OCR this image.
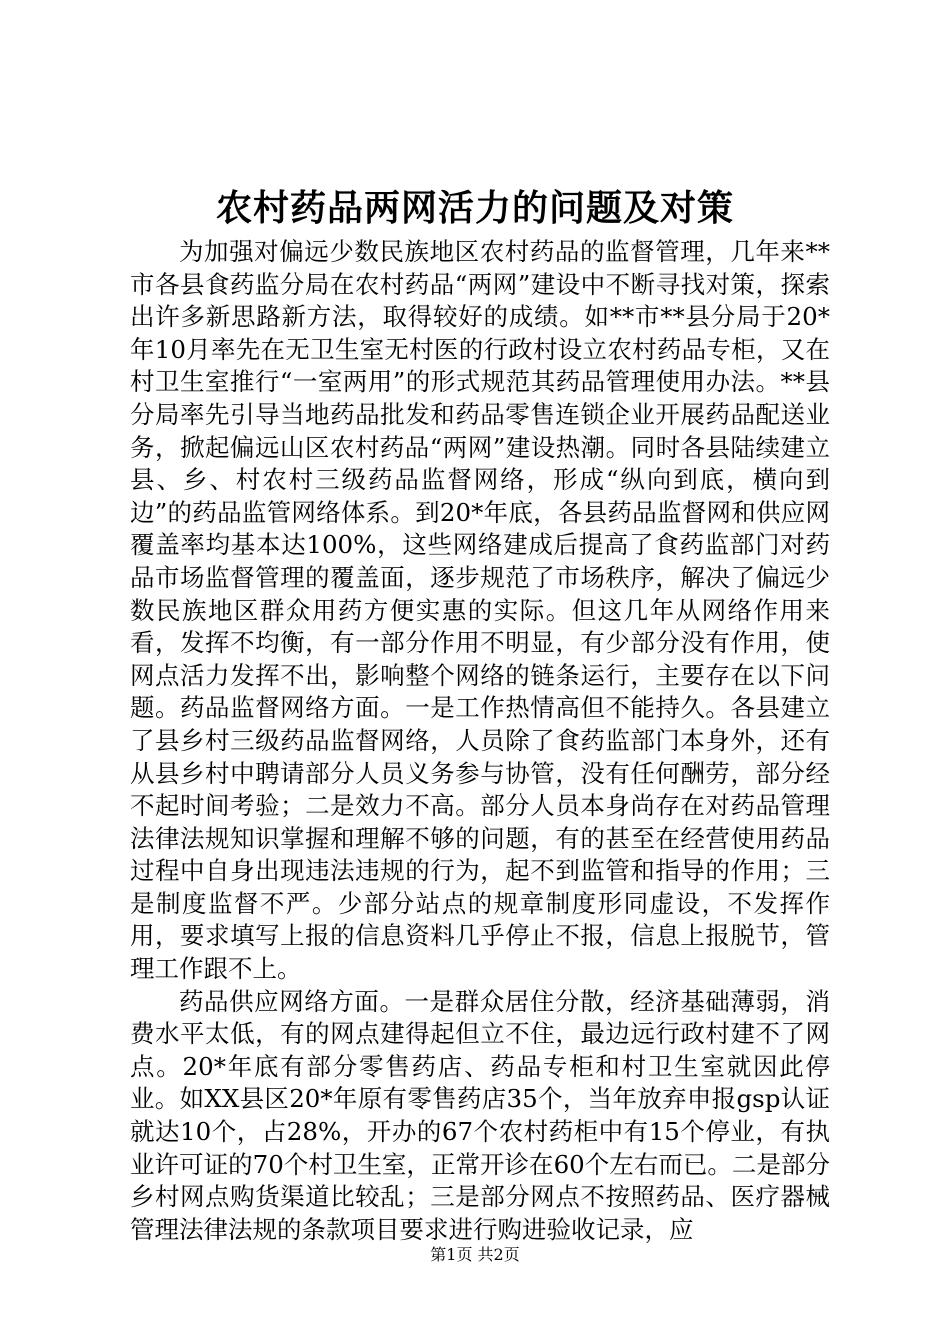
农村药品两网活力的问题及对策

为加强对偏远少数民族地区农村药品的监督管理，几年来**市各县食药监分局在农村药品“两网”建设中不断寻找对策，探索出许多新思路新方法，取得较好的成绩。如**市**县分局于20*年10月率先在无卫生室无村医的行政村设立农村药品专柜，又在村卫生室推行“一室两用”的形式规范其药品管理使用办法。**县分局率先引导当地药品批发和药品零售连锁企业开展药品配送业务，掀起偏远山区农村药品“两网”建设热潮。同时各县陆续建立县、乡、村农村三级药品监督网络，形成“纵向到底，横向到边”的药品监管网络体系。到20*年底，各县药品监督网和供应网覆盖率均基本达100%，这些网络建成后提高了食药监部门对药品市场监督管理的覆盖面，逐步规范了市场秩序，解决了偏远少数民族地区群众用药方便实惠的实际。但这几年从网络作用来看，发挥不均衡，有一部分作用不明显，有少部分没有作用，使网点活力发挥不出，影响整个网络的链条运行，主要存在以下问题。药品监督网络方面。一是工作热情高但不能持久。各县建立了县乡村三级药品监督网络，人员除了食药监部门本身外，还有从县乡村中聘请部分人员义务参与协管，没有任何酬劳，部分经不起时间考验；二是效力不高。部分人员本身尚存在对药品管理法律法规知识掌握和理解不够的问题，有的甚至在经营使用药品过程中自身出现违法违规的行为，起不到监管和指导的作用；三是制度监督不严。少部分站点的规章制度形同虚设，不发挥作用，要求填写上报的信息资料几乎停止不报，信息上报脱节，管理工作跟不上。

药品供应网络方面。一是群众居住分散，经济基础薄弱，消费水平太低，有的网点建得起但立不住，最边远行政村建不了网点。20*年底有部分零售药店、药品专柜和村卫生室就因此停业。如XX县区20*年原有零售药店35个，当年放弃申报gsp认证就达10个，占28%，开办的67个农村药柜中有15个停业，有执业许可证的70个村卫生室，正常开诊在60个左右而已。二是部分乡村网点购货渠道比较乱；三是部分网点不按照药品、医疗器械管理法律法规的条款项目要求进行购进验收记录，应

第1页 共2页
